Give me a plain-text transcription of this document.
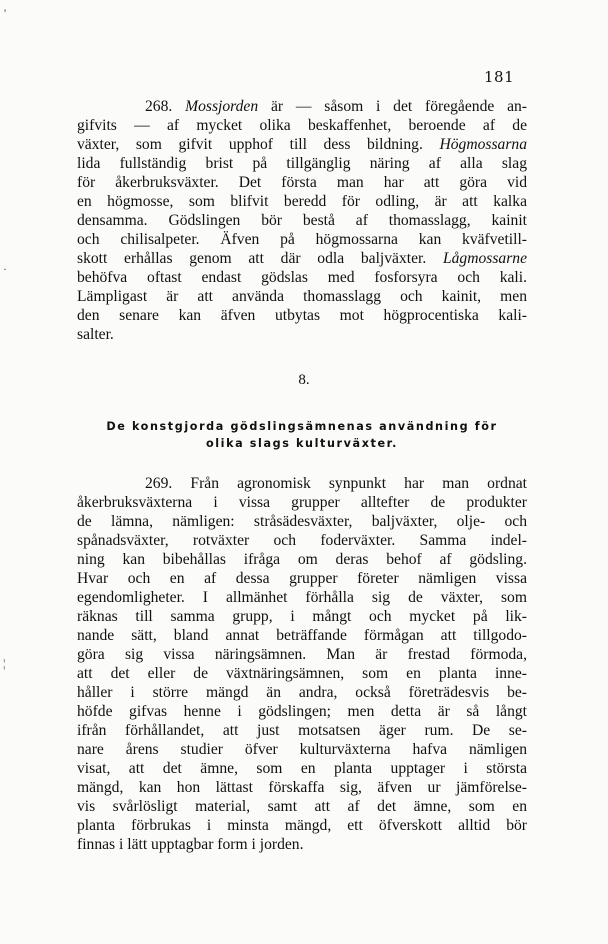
181
268. Mossjorden är — såsom i det föregående an-
gifvits — af mycket olika beskaffenhet, beroende af de
växter, som gifvit upphof till dess bildning. Högmossarna
lida fullständig brist på tillgänglig näring af alla slag
för åkerbruksväxter. Det första man har att göra vid
en högmosse, som blifvit beredd för odling, är att kalka
densamma. Gödslingen bör bestå af thomasslagg, kainit
och chilisalpeter. Äfven på högmossarna kan kväfvetill-
skott erhållas genom att där odla baljväxter. Lågmossarne
behöfva oftast endast gödslas med fosforsyra och kali.
Lämpligast är att använda thomasslagg och kainit, men
den senare kan äfven utbytas mot högprocentiska kali-
salter.
8.
De konstgjorda gödslingsämnenas användning för
olika slags kulturväxter.
269. Från agronomisk synpunkt har man ordnat
åkerbruksväxterna i vissa grupper alltefter de produkter
de lämna, nämligen: stråsädesväxter, baljväxter, olje- och
spånadsväxter, rotväxter och foderväxter. Samma indel-
ning kan bibehållas ifråga om deras behof af gödsling.
Hvar och en af dessa grupper företer nämligen vissa
egendomligheter. I allmänhet förhålla sig de växter, som
räknas till samma grupp, i mångt och mycket på lik-
nande sätt, bland annat beträffande förmågan att tillgodo-
göra sig vissa näringsämnen. Man är frestad förmoda,
att det eller de växtnäringsämnen, som en planta inne-
håller i större mängd än andra, också företrädesvis be-
höfde gifvas henne i gödslingen; men detta är så långt
ifrån förhållandet, att just motsatsen äger rum. De se-
nare årens studier öfver kulturväxterna hafva nämligen
visat, att det ämne, som en planta upptager i största
mängd, kan hon lättast förskaffa sig, äfven ur jämförelse-
vis svårlösligt material, samt att af det ämne, som en
planta förbrukas i minsta mängd, ett öfverskott alltid bör
finnas i lätt upptagbar form i jorden.
'
·
¦
